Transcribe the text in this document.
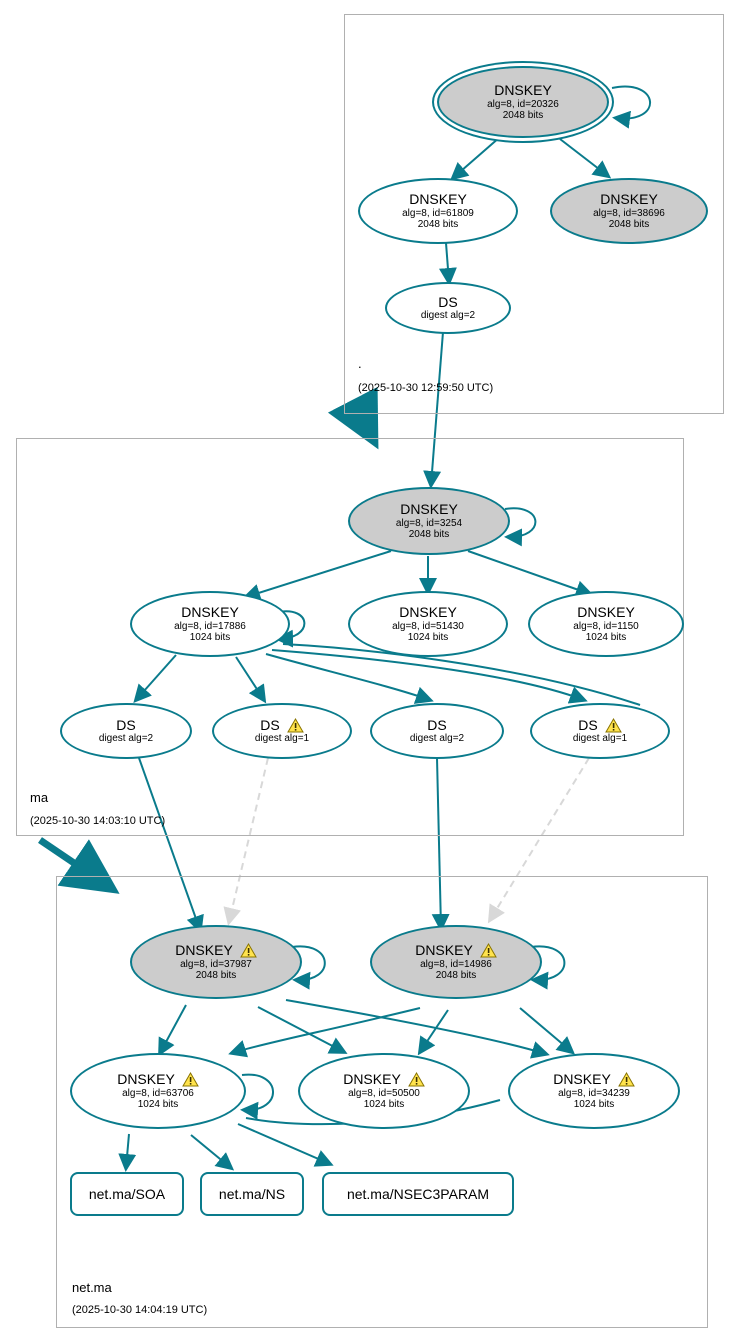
.
(2025-10-30 12:59:50 UTC)
ma
(2025-10-30 14:03:10 UTC)
net.ma
(2025-10-30 14:04:19 UTC)
DNSKEY
alg=8, id=20326
2048 bits
DNSKEY
alg=8, id=61809
2048 bits
DNSKEY
alg=8, id=38696
2048 bits
DS
digest alg=2
DNSKEY
alg=8, id=3254
2048 bits
DNSKEY
alg=8, id=17886
1024 bits
DNSKEY
alg=8, id=51430
1024 bits
DNSKEY
alg=8, id=1150
1024 bits
DS
digest alg=2
DS
digest alg=1
DS
digest alg=2
DS
digest alg=1
DNSKEY
alg=8, id=37987
2048 bits
DNSKEY
alg=8, id=14986
2048 bits
DNSKEY
alg=8, id=63706
1024 bits
DNSKEY
alg=8, id=50500
1024 bits
DNSKEY
alg=8, id=34239
1024 bits
net.ma/SOA	net.ma/NS	net.ma/NSEC3PARAM
